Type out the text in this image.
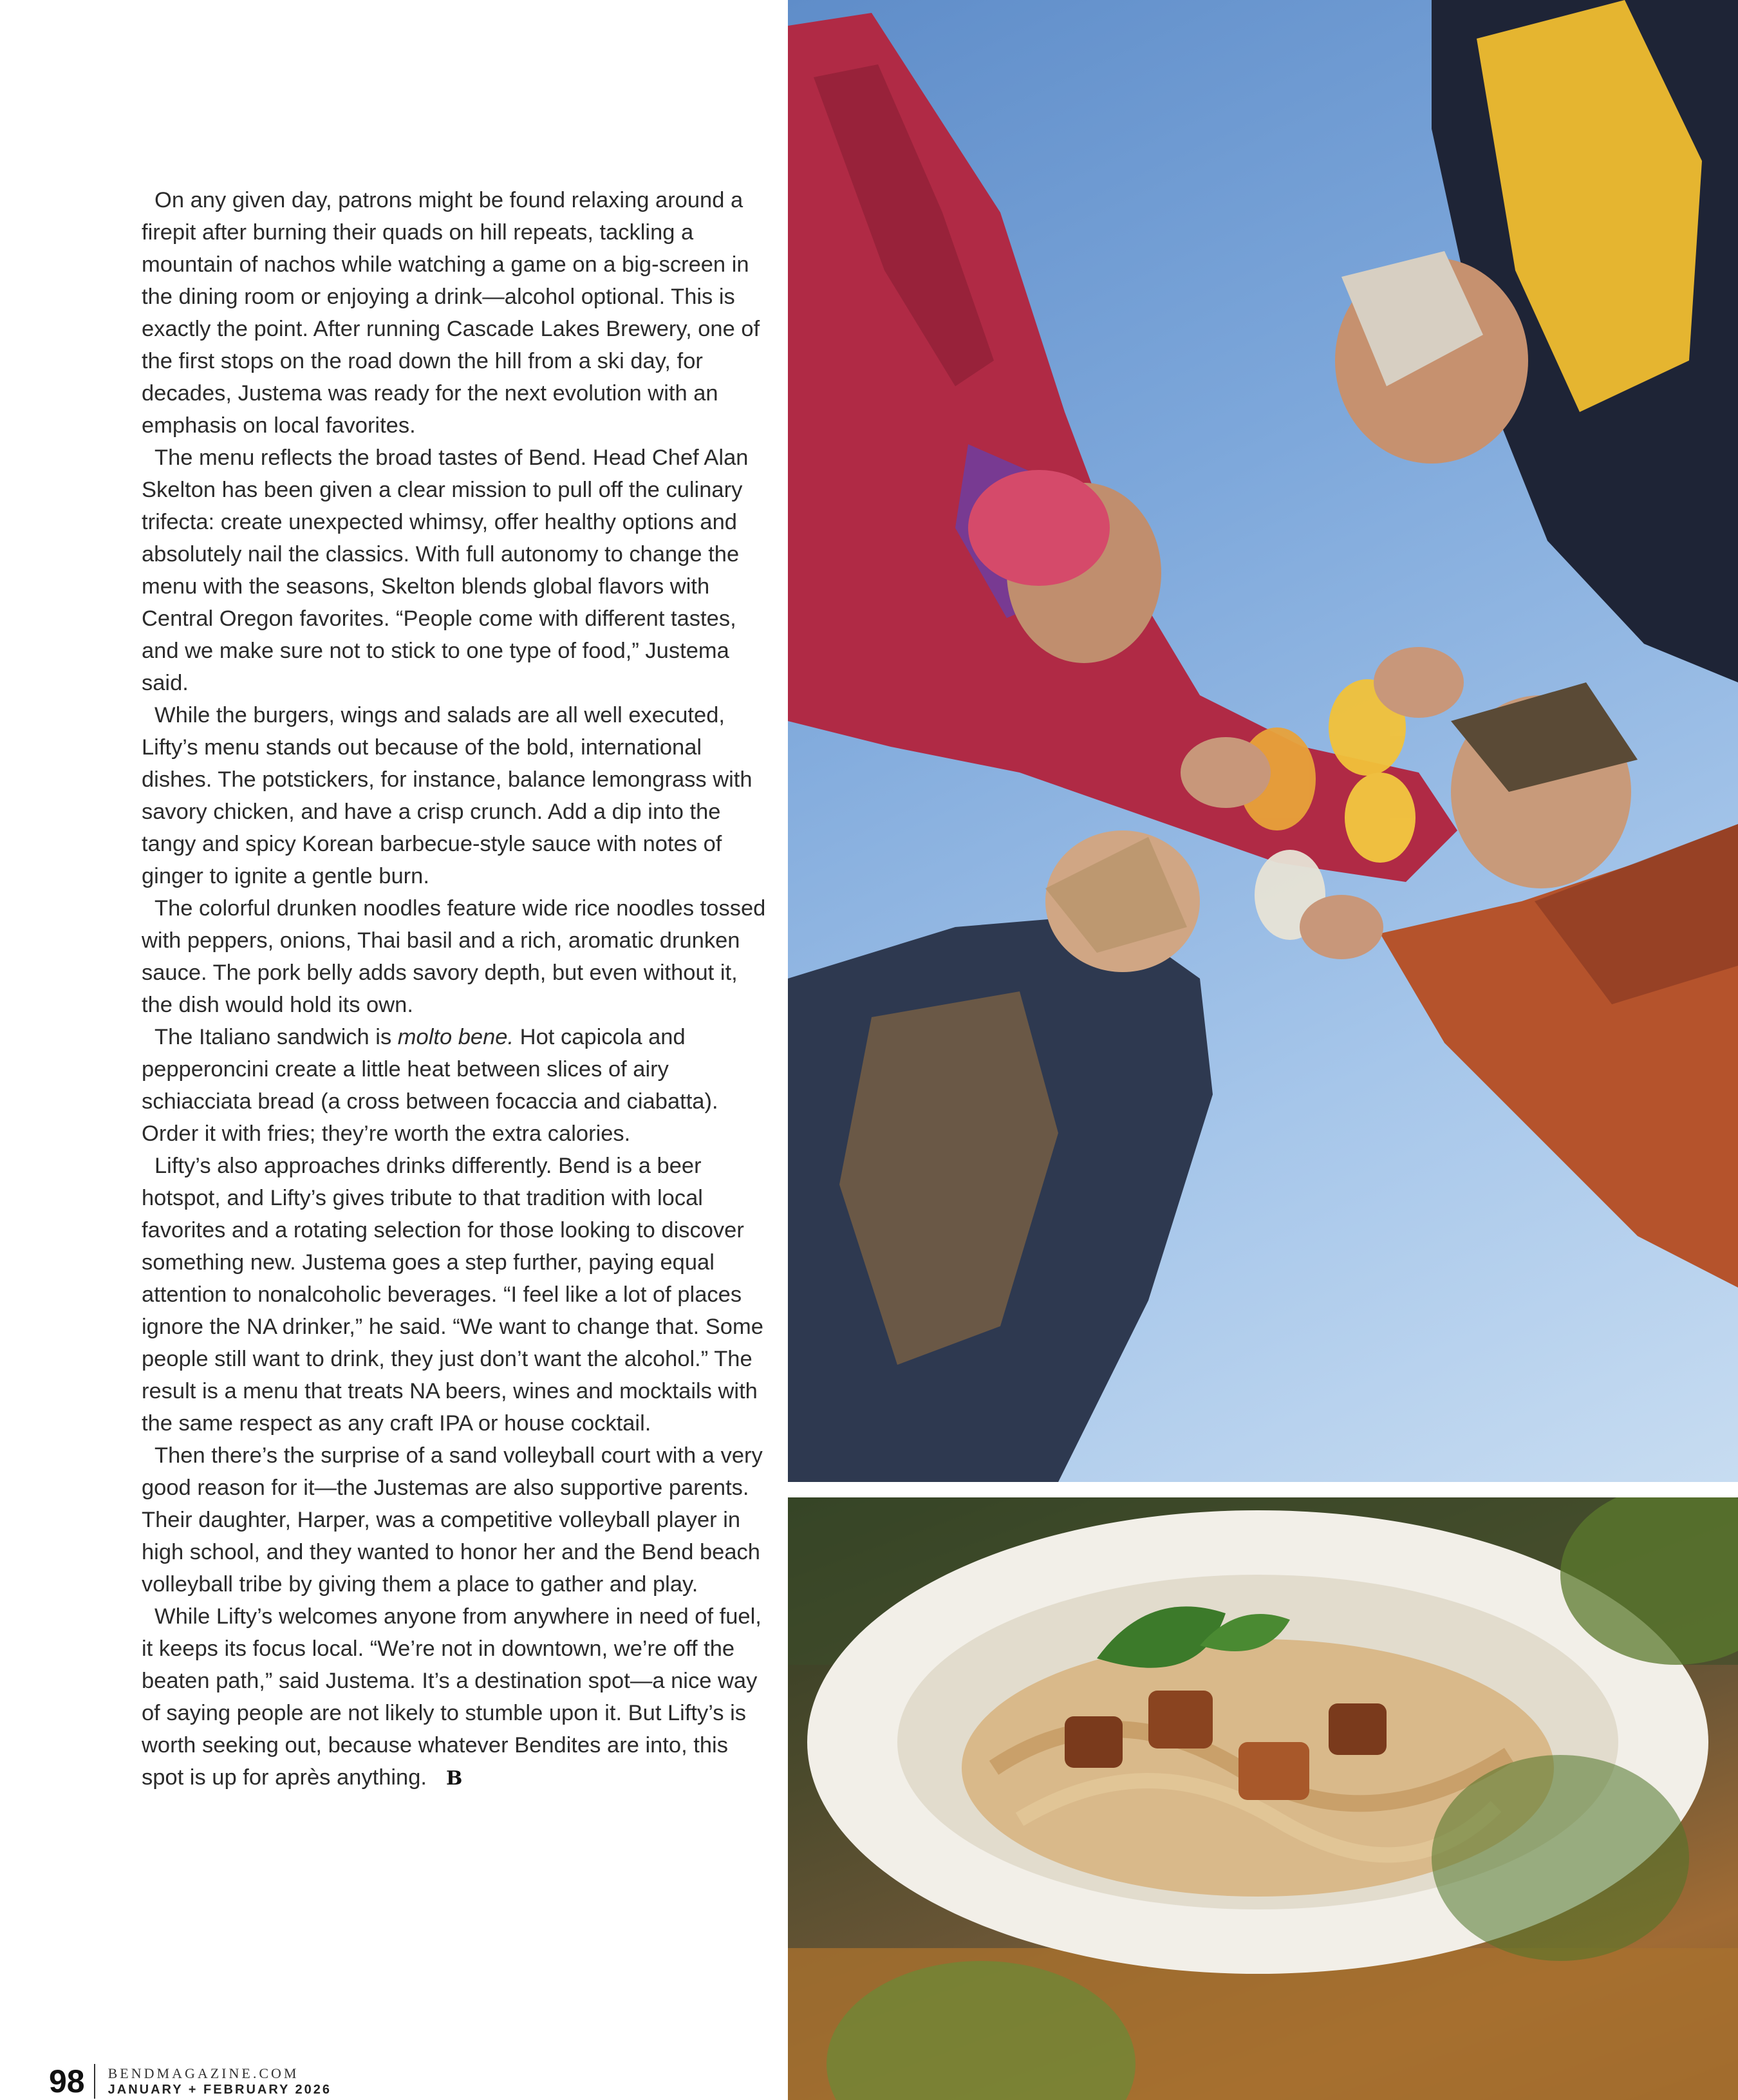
On any given day, patrons might be found relaxing around a firepit after burning their quads on hill repeats, tackling a mountain of nachos while watching a game on a big-screen in the dining room or enjoying a drink—alcohol optional. This is exactly the point. After running Cascade Lakes Brewery, one of the first stops on the road down the hill from a ski day, for decades, Justema was ready for the next evolution with an emphasis on local favorites.

The menu reflects the broad tastes of Bend. Head Chef Alan Skelton has been given a clear mission to pull off the culinary trifecta: create unexpected whimsy, offer healthy options and absolutely nail the classics. With full autonomy to change the menu with the seasons, Skelton blends global flavors with Central Oregon favorites. “People come with different tastes, and we make sure not to stick to one type of food,” Justema said.

While the burgers, wings and salads are all well executed, Lifty’s menu stands out because of the bold, international dishes. The potstickers, for instance, balance lemongrass with savory chicken, and have a crisp crunch. Add a dip into the tangy and spicy Korean barbecue-style sauce with notes of ginger to ignite a gentle burn.

The colorful drunken noodles feature wide rice noodles tossed with peppers, onions, Thai basil and a rich, aromatic drunken sauce. The pork belly adds savory depth, but even without it, the dish would hold its own.

The Italiano sandwich is molto bene. Hot capicola and pepperoncini create a little heat between slices of airy schiacciata bread (a cross between focaccia and ciabatta). Order it with fries; they’re worth the extra calories.

Lifty’s also approaches drinks differently. Bend is a beer hotspot, and Lifty’s gives tribute to that tradition with local favorites and a rotating selection for those looking to discover something new. Justema goes a step further, paying equal attention to nonalcoholic beverages. “I feel like a lot of places ignore the NA drinker,” he said. “We want to change that. Some people still want to drink, they just don’t want the alcohol.” The result is a menu that treats NA beers, wines and mocktails with the same respect as any craft IPA or house cocktail.

Then there’s the surprise of a sand volleyball court with a very good reason for it—the Justemas are also supportive parents. Their daughter, Harper, was a competitive volleyball player in high school, and they wanted to honor her and the Bend beach volleyball tribe by giving them a place to gather and play.

While Lifty’s welcomes anyone from anywhere in need of fuel, it keeps its focus local. “We’re not in downtown, we’re off the beaten path,” said Justema. It’s a destination spot—a nice way of saying people are not likely to stumble upon it. But Lifty’s is worth seeking out, because whatever Bendites are into, this spot is up for après anything. B

98 BENDMAGAZINE.COM
JANUARY + FEBRUARY 2026
